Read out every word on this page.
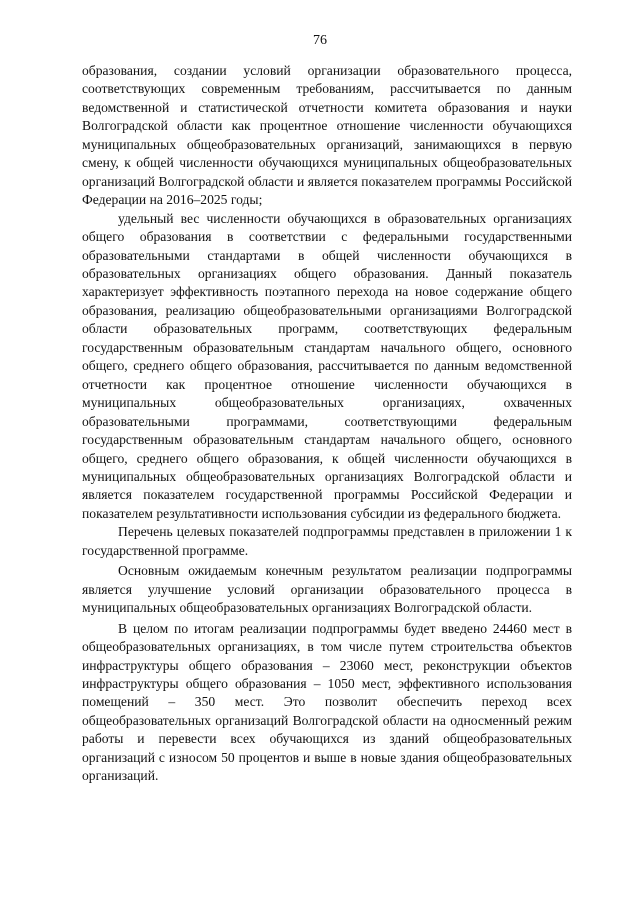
76

образования, создании условий организации образовательного процесса, соответствующих современным требованиям, рассчитывается по данным ведомственной и статистической отчетности комитета образования и науки Волгоградской области как процентное отношение численности обучающихся муниципальных общеобразовательных организаций, занимающихся в первую смену, к общей численности обучающихся муниципальных общеобразовательных организаций Волгоградской области и является показателем программы Российской Федерации на 2016–2025 годы;

удельный вес численности обучающихся в образовательных организациях общего образования в соответствии с федеральными государственными образовательными стандартами в общей численности обучающихся в образовательных организациях общего образования. Данный показатель характеризует эффективность поэтапного перехода на новое содержание общего образования, реализацию общеобразовательными организациями Волгоградской области образовательных программ, соответствующих федеральным государственным образовательным стандартам начального общего, основного общего, среднего общего образования, рассчитывается по данным ведомственной отчетности как процентное отношение численности обучающихся в муниципальных общеобразовательных организациях, охваченных образовательными программами, соответствующими федеральным государственным образовательным стандартам начального общего, основного общего, среднего общего образования, к общей численности обучающихся в муниципальных общеобразовательных организациях Волгоградской области и является показателем государственной программы Российской Федерации и показателем результативности использования субсидии из федерального бюджета.

Перечень целевых показателей подпрограммы представлен в приложении 1 к государственной программе.

Основным ожидаемым конечным результатом реализации подпрограммы является улучшение условий организации образовательного процесса в муниципальных общеобразовательных организациях Волгоградской области.

В целом по итогам реализации подпрограммы будет введено 24460 мест в общеобразовательных организациях, в том числе путем строительства объектов инфраструктуры общего образования – 23060 мест, реконструкции объектов инфраструктуры общего образования – 1050 мест, эффективного использования помещений – 350 мест. Это позволит обеспечить переход всех общеобразовательных организаций Волгоградской области на односменный режим работы и перевести всех обучающихся из зданий общеобразовательных организаций с износом 50 процентов и выше в новые здания общеобразовательных организаций.
